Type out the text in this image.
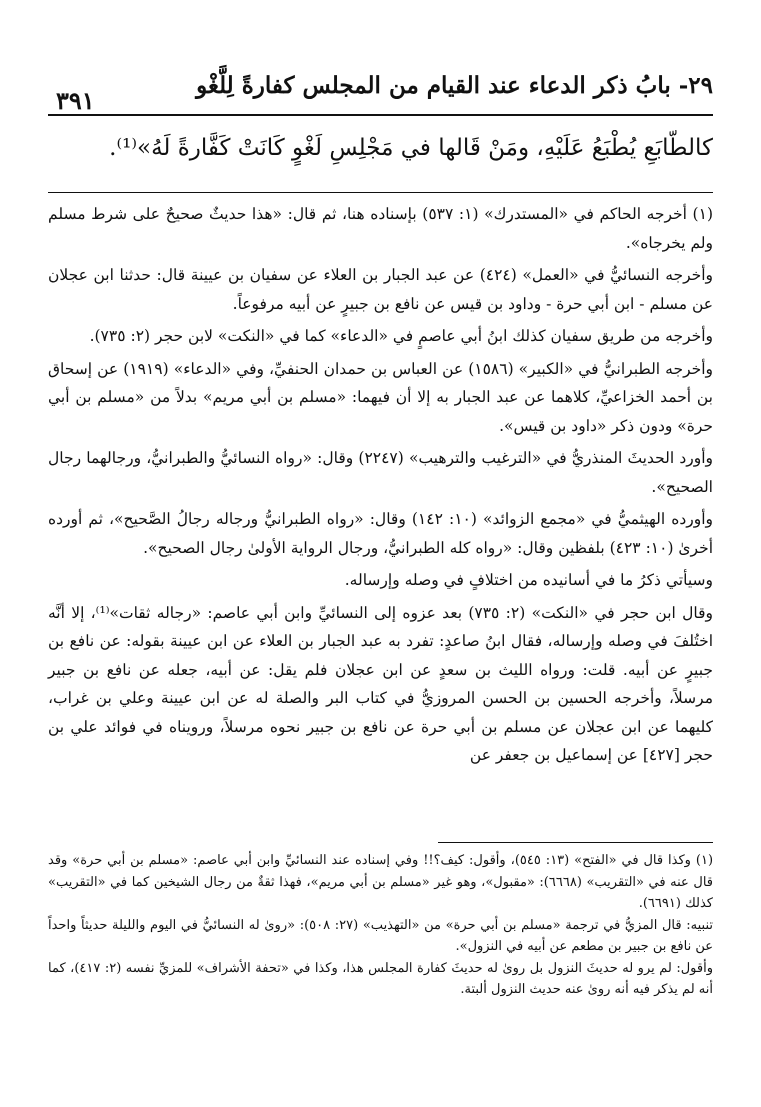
٢٩- بابُ ذكر الدعاء عند القيام من المجلس كفارةً لِلَّغْو
٣٩١
كالطَّابَعِ يُطْبَعُ عَلَيْهِ، ومَنْ قَالها في مَجْلِسِ لَغْوٍ كَانَتْ كَفَّارةً لَهُ»⁽¹⁾.

(١) أخرجه الحاكم في «المستدرك» (١: ٥٣٧) بإسناده هنا، ثم قال: «هذا حديثٌ صحيحٌ على شرط مسلم ولم يخرجاه».

وأخرجه النسائيُّ في «العمل» (٤٢٤) عن عبد الجبار بن العلاء عن سفيان بن عيينة قال: حدثنا ابن عجلان عن مسلم - ابن أبي حرة - وداود بن قيس عن نافع بن جبيرٍ عن أبيه مرفوعاً.

وأخرجه من طريق سفيان كذلك ابنُ أبي عاصمٍ في «الدعاء» كما في «النكت» لابن حجر (٢: ٧٣٥).

وأخرجه الطبرانيُّ في «الكبير» (١٥٨٦) عن العباس بن حمدان الحنفيِّ، وفي «الدعاء» (١٩١٩) عن إسحاق بن أحمد الخزاعيِّ، كلاهما عن عبد الجبار به إلا أن فيهما: «مسلم بن أبي مريم» بدلاً من «مسلم بن أبي حرة» ودون ذكر «داود بن قيس».

وأورد الحديثَ المنذريُّ في «الترغيب والترهيب» (٢٢٤٧) وقال: «رواه النسائيُّ والطبرانيُّ، ورجالهما رجال الصحيح».

وأورده الهيثميُّ في «مجمع الزوائد» (١٠: ١٤٢) وقال: «رواه الطبرانيُّ ورجاله رجالُ الصَّحيح»، ثم أورده أخرىٰ (١٠: ٤٢٣) بلفظين وقال: «رواه كله الطبرانيُّ، ورجال الرواية الأولىٰ رجال الصحيح».

وسيأتي ذكرُ ما في أسانيده من اختلافٍ في وصله وإرساله.

وقال ابن حجر في «النكت» (٢: ٧٣٥) بعد عزوه إلى النسائيِّ وابن أبي عاصم: «رجاله ثقات»⁽¹⁾، إلا أنَّه اختُلفَ في وصله وإرساله، فقال ابنُ صاعدٍ: تفرد به عبد الجبار بن العلاء عن ابن عيينة بقوله: عن نافع بن جبيرٍ عن أبيه. قلت: ورواه الليث بن سعدٍ عن ابن عجلان فلم يقل: عن أبيه، جعله عن نافع بن جبير مرسلاً، وأخرجه الحسين بن الحسن المروزيُّ في كتاب البر والصلة له عن ابن عيينة وعلي بن غراب، كليهما عن ابن عجلان عن مسلم بن أبي حرة عن نافع بن جبير نحوه مرسلاً، ورويناه في فوائد علي بن حجر [٤٢٧] عن إسماعيل بن جعفر عن

(١) وكذا قال في «الفتح» (١٣: ٥٤٥)، وأقول: كيف؟!! وفي إسناده عند النسائيِّ وابن أبي عاصم: «مسلم بن أبي حرة» وقد قال عنه في «التقريب» (٦٦٦٨): «مقبول»، وهو غير «مسلم بن أبي مريم»، فهذا ثقةٌ من رجال الشيخين كما في «التقريب» كذلك (٦٦٩١).

تنبيه: قال المزيُّ في ترجمة «مسلم بن أبي حرة» من «التهذيب» (٢٧: ٥٠٨): «روىٰ له النسائيُّ في اليوم والليلة حديثاً واحداً عن نافع بن جبير بن مطعم عن أبيه في النزول».

وأقول: لم يرو له حديثَ النزول بل روىٰ له حديثَ كفارة المجلس هذا، وكذا في «تحفة الأشراف» للمزيِّ نفسه (٢: ٤١٧)، كما أنه لم يذكر فيه أنه روىٰ عنه حديث النزول ألبتة.
